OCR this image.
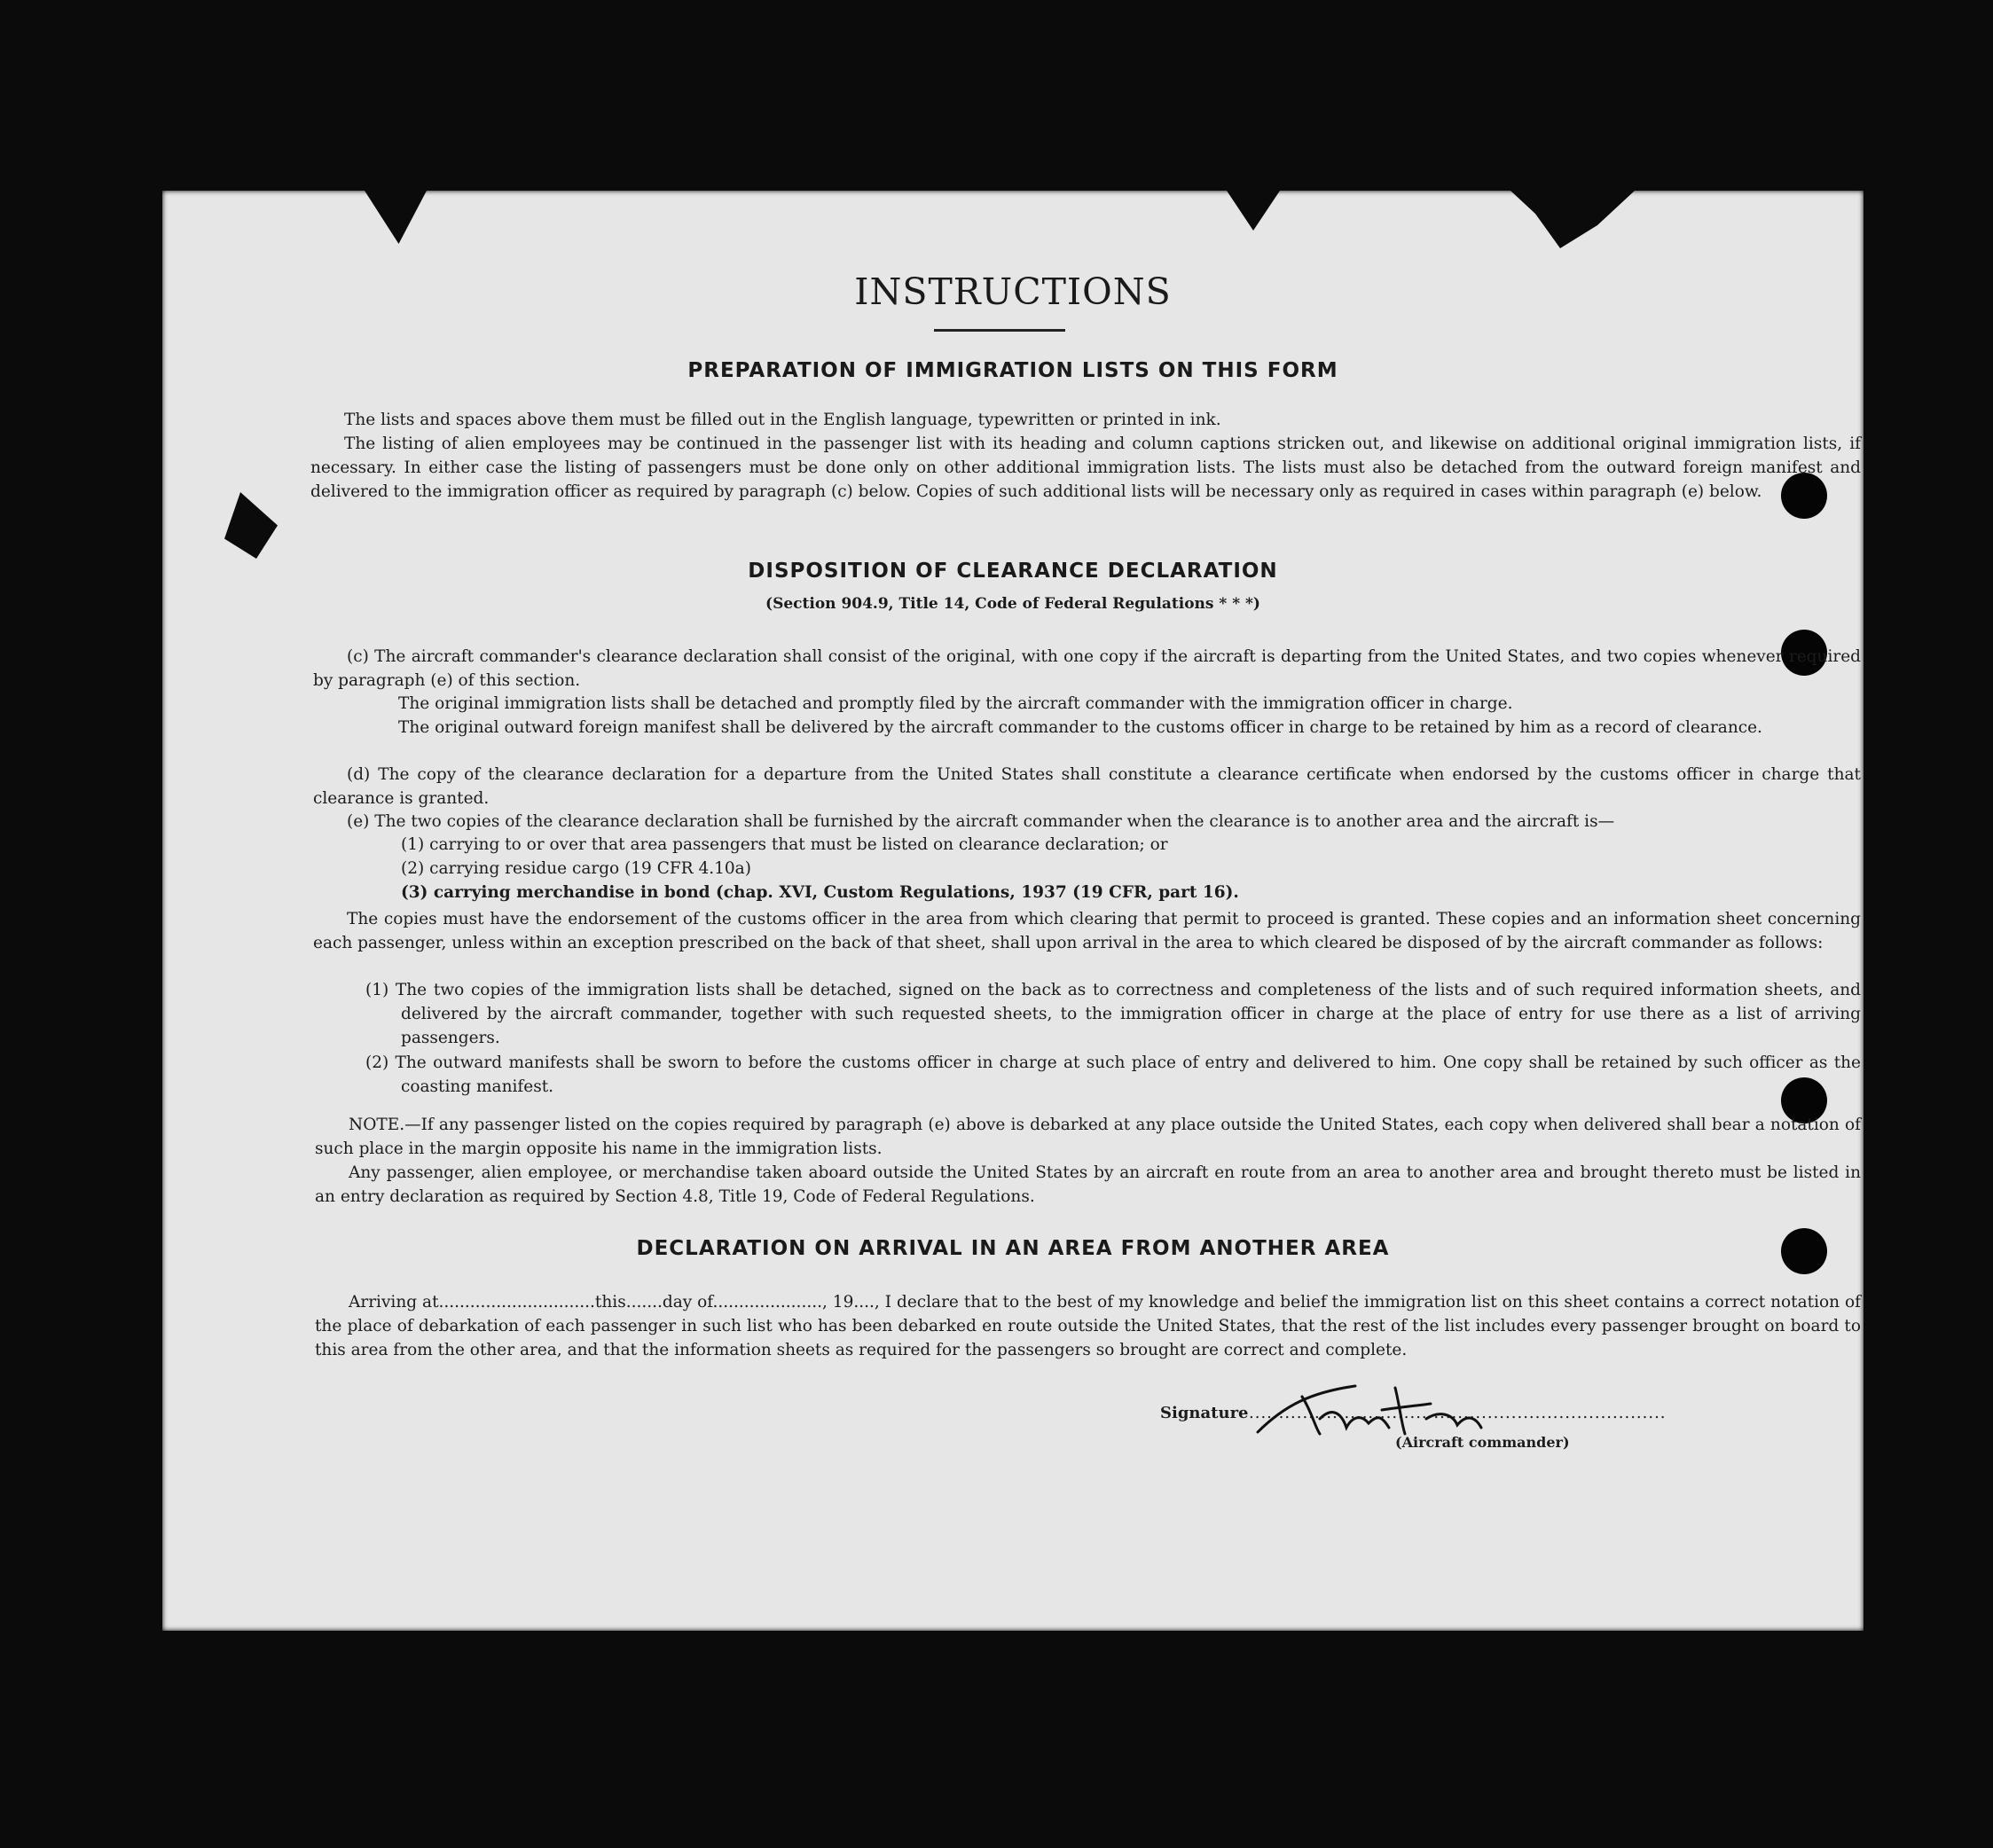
INSTRUCTIONS
PREPARATION OF IMMIGRATION LISTS ON THIS FORM
The lists and spaces above them must be filled out in the English language, typewritten or printed in ink.
The listing of alien employees may be continued in the passenger list with its heading and column captions stricken out, and likewise on additional original immigration lists, if necessary. In either case the listing of passengers must be done only on other additional immigration lists. The lists must also be detached from the outward foreign manifest and delivered to the immigration officer as required by paragraph (c) below. Copies of such additional lists will be necessary only as required in cases within paragraph (e) below.
DISPOSITION OF CLEARANCE DECLARATION
(Section 904.9, Title 14, Code of Federal Regulations * * *)
(c) The aircraft commander's clearance declaration shall consist of the original, with one copy if the aircraft is departing from the United States, and two copies whenever required by paragraph (e) of this section.
The original immigration lists shall be detached and promptly filed by the aircraft commander with the immigration officer in charge.
The original outward foreign manifest shall be delivered by the aircraft commander to the customs officer in charge to be retained by him as a record of clearance.
(d) The copy of the clearance declaration for a departure from the United States shall constitute a clearance certificate when endorsed by the customs officer in charge that clearance is granted.
(e) The two copies of the clearance declaration shall be furnished by the aircraft commander when the clearance is to another area and the aircraft is—
(1) carrying to or over that area passengers that must be listed on clearance declaration; or
(2) carrying residue cargo (19 CFR 4.10a)
(3) carrying merchandise in bond (chap. XVI, Custom Regulations, 1937 (19 CFR, part 16).
The copies must have the endorsement of the customs officer in the area from which clearing that permit to proceed is granted. These copies and an information sheet concerning each passenger, unless within an exception prescribed on the back of that sheet, shall upon arrival in the area to which cleared be disposed of by the aircraft commander as follows:
(1) The two copies of the immigration lists shall be detached, signed on the back as to correctness and completeness of the lists and of such required information sheets, and delivered by the aircraft commander, together with such requested sheets, to the immigration officer in charge at the place of entry for use there as a list of arriving passengers.
(2) The outward manifests shall be sworn to before the customs officer in charge at such place of entry and delivered to him. One copy shall be retained by such officer as the coasting manifest.
NOTE.—If any passenger listed on the copies required by paragraph (e) above is debarked at any place outside the United States, each copy when delivered shall bear a notation of such place in the margin opposite his name in the immigration lists.
Any passenger, alien employee, or merchandise taken aboard outside the United States by an aircraft en route from an area to another area and brought thereto must be listed in an entry declaration as required by Section 4.8, Title 19, Code of Federal Regulations.
DECLARATION ON ARRIVAL IN AN AREA FROM ANOTHER AREA
Arriving at..............................this.......day of....................., 19...., I declare that to the best of my knowledge and belief the immigration list on this sheet contains a correct notation of the place of debarkation of each passenger in such list who has been debarked en route outside the United States, that the rest of the list includes every passenger brought on board to this area from the other area, and that the information sheets as required for the passengers so brought are correct and complete.
Signature ......................................................................
(Aircraft commander)
